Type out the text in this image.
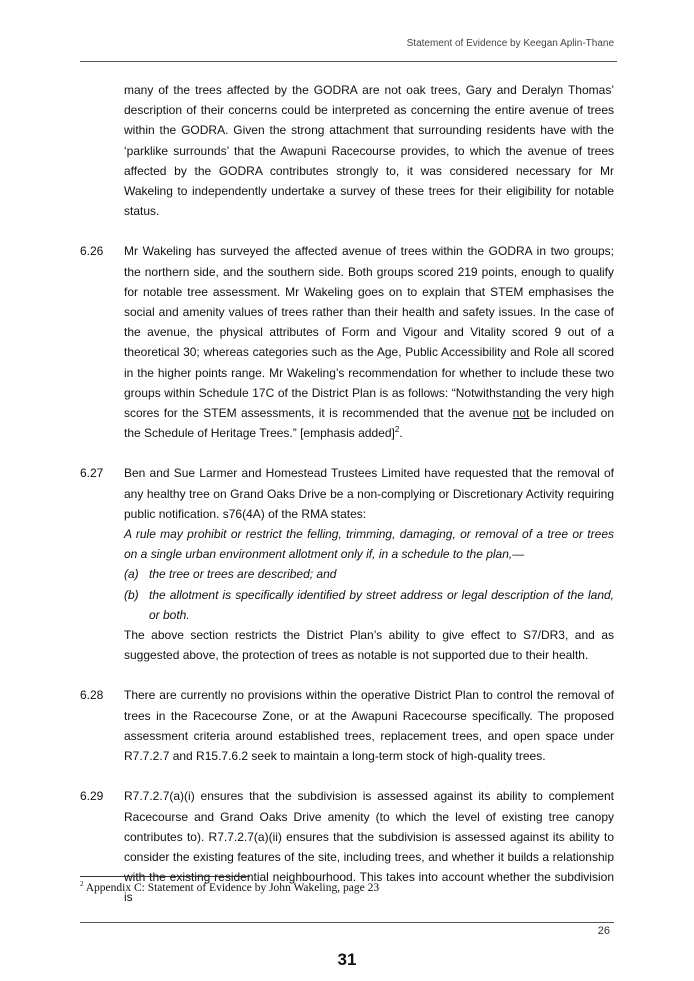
Statement of Evidence by Keegan Aplin-Thane
many of the trees affected by the GODRA are not oak trees, Gary and Deralyn Thomas’ description of their concerns could be interpreted as concerning the entire avenue of trees within the GODRA. Given the strong attachment that surrounding residents have with the ‘parklike surrounds’ that the Awapuni Racecourse provides, to which the avenue of trees affected by the GODRA contributes strongly to, it was considered necessary for Mr Wakeling to independently undertake a survey of these trees for their eligibility for notable status.
6.26	Mr Wakeling has surveyed the affected avenue of trees within the GODRA in two groups; the northern side, and the southern side. Both groups scored 219 points, enough to qualify for notable tree assessment. Mr Wakeling goes on to explain that STEM emphasises the social and amenity values of trees rather than their health and safety issues. In the case of the avenue, the physical attributes of Form and Vigour and Vitality scored 9 out of a theoretical 30; whereas categories such as the Age, Public Accessibility and Role all scored in the higher points range. Mr Wakeling’s recommendation for whether to include these two groups within Schedule 17C of the District Plan is as follows: “Notwithstanding the very high scores for the STEM assessments, it is recommended that the avenue not be included on the Schedule of Heritage Trees.” [emphasis added]$^2$.
6.27	Ben and Sue Larmer and Homestead Trustees Limited have requested that the removal of any healthy tree on Grand Oaks Drive be a non-complying or Discretionary Activity requiring public notification. s76(4A) of the RMA states:
A rule may prohibit or restrict the felling, trimming, damaging, or removal of a tree or trees on a single urban environment allotment only if, in a schedule to the plan,—
(a) the tree or trees are described; and
(b) the allotment is specifically identified by street address or legal description of the land, or both.
The above section restricts the District Plan’s ability to give effect to S7/DR3, and as suggested above, the protection of trees as notable is not supported due to their health.
6.28	There are currently no provisions within the operative District Plan to control the removal of trees in the Racecourse Zone, or at the Awapuni Racecourse specifically. The proposed assessment criteria around established trees, replacement trees, and open space under R7.7.2.7 and R15.7.6.2 seek to maintain a long-term stock of high-quality trees.
6.29	R7.7.2.7(a)(i) ensures that the subdivision is assessed against its ability to complement Racecourse and Grand Oaks Drive amenity (to which the level of existing tree canopy contributes to). R7.7.2.7(a)(ii) ensures that the subdivision is assessed against its ability to consider the existing features of the site, including trees, and whether it builds a relationship with the existing residential neighbourhood. This takes into account whether the subdivision is
$^2$ Appendix C: Statement of Evidence by John Wakeling, page 23
26
31
